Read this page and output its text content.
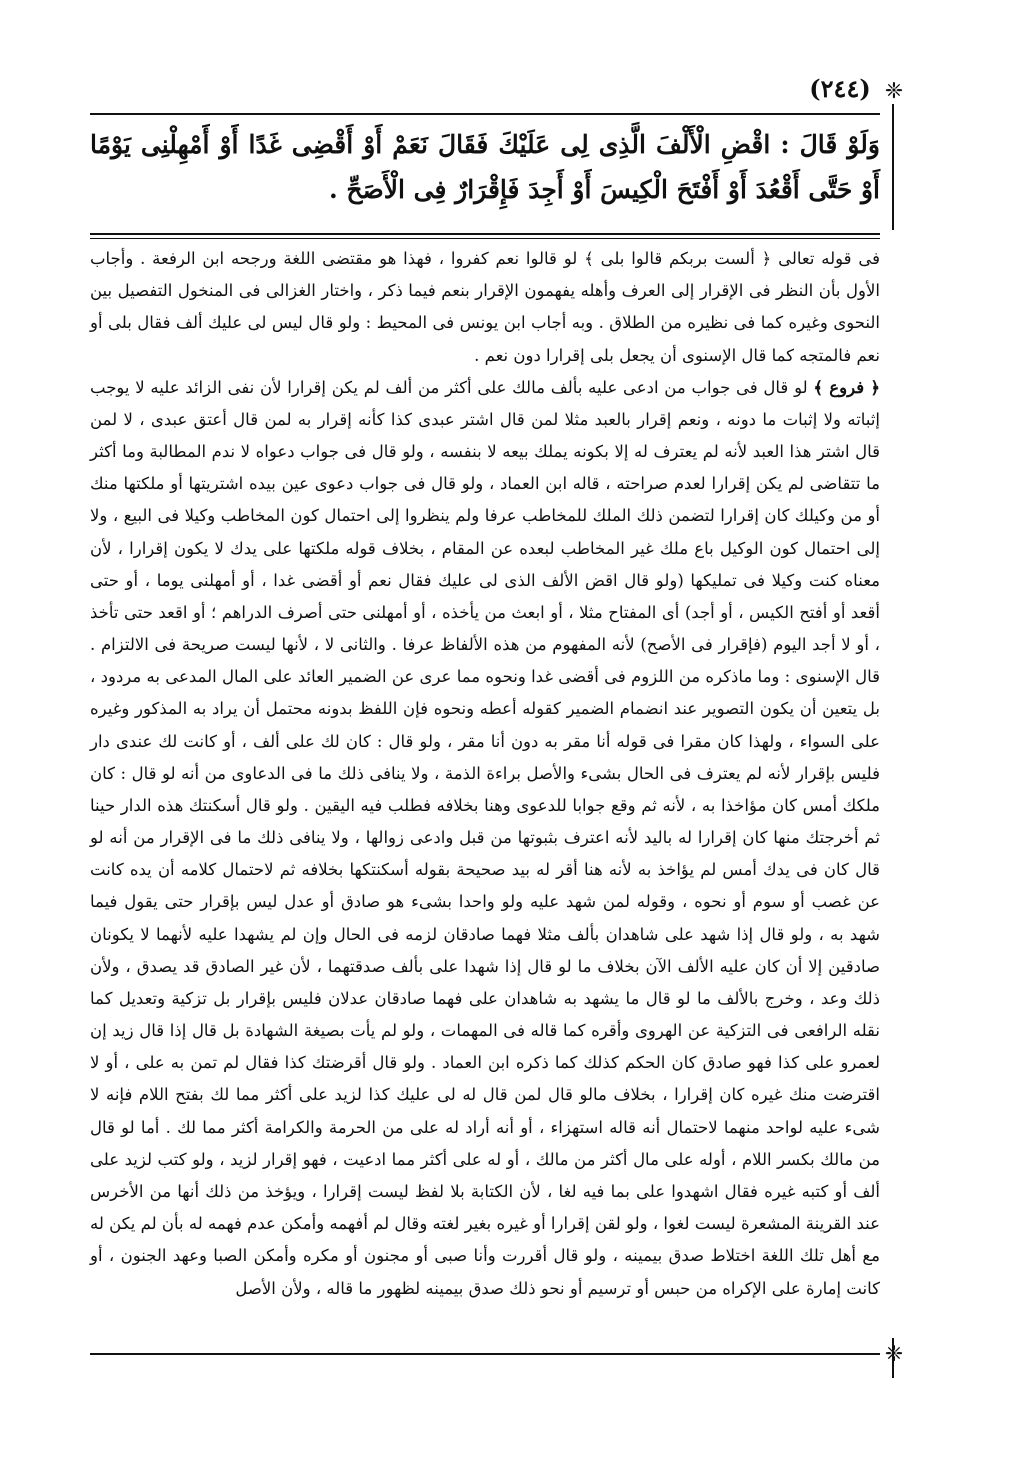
(٢٤٤) ❈
وَلَوْ قَالَ : اقْضِ الْأَلْفَ الَّذِى لِى عَلَيْكَ فَقَالَ نَعَمْ أَوْ أَقْضِى غَدًا أَوْ أَمْهِلْنِى يَوْمًا أَوْ حَتَّى أَقْعُدَ أَوْ أَفْتَحَ الْكِيسَ أَوْ أَجِدَ فَإِقْرَارٌ فِى الْأَصَحِّ .

فى قوله تعالى ﴿ ألست بربكم قالوا بلى ﴾ لو قالوا نعم كفروا ، فهذا هو مقتضى اللغة ورجحه ابن الرفعة . وأجاب الأول بأن النظر فى الإقرار إلى العرف وأهله يفهمون الإقرار بنعم فيما ذكر ، واختار الغزالى فى المنخول التفصيل بين النحوى وغيره كما فى نظيره من الطلاق . وبه أجاب ابن يونس فى المحيط : ولو قال ليس لى عليك ألف فقال بلى أو نعم فالمتجه كما قال الإسنوى أن يجعل بلى إقرارا دون نعم .

﴿ فروع ﴾ لو قال فى جواب من ادعى عليه بألف مالك على أكثر من ألف لم يكن إقرارا لأن نفى الزائد عليه لا يوجب إثباته ولا إثبات ما دونه ، ونعم إقرار بالعبد مثلا لمن قال اشتر عبدى كذا كأنه إقرار به لمن قال أعتق عبدى ، لا لمن قال اشتر هذا العبد لأنه لم يعترف له إلا بكونه يملك بيعه لا بنفسه ، ولو قال فى جواب دعواه لا ندم المطالبة وما أكثر ما تتقاضى لم يكن إقرارا لعدم صراحته ، قاله ابن العماد ، ولو قال فى جواب دعوى عين بيده اشتريتها أو ملكتها منك أو من وكيلك كان إقرارا لتضمن ذلك الملك للمخاطب عرفا ولم ينظروا إلى احتمال كون المخاطب وكيلا فى البيع ، ولا إلى احتمال كون الوكيل باع ملك غير المخاطب لبعده عن المقام ، بخلاف قوله ملكتها على يدك لا يكون إقرارا ، لأن معناه كنت وكيلا فى تمليكها (ولو قال اقض الألف الذى لى عليك فقال نعم أو أقضى غدا ، أو أمهلنى يوما ، أو حتى أقعد أو أفتح الكيس ، أو أجد) أى المفتاح مثلا ، أو ابعث من يأخذه ، أو أمهلنى حتى أصرف الدراهم ؛ أو اقعد حتى تأخذ ، أو لا أجد اليوم (فإقرار فى الأصح) لأنه المفهوم من هذه الألفاظ عرفا . والثانى لا ، لأنها ليست صريحة فى الالتزام . قال الإسنوى : وما ماذكره من اللزوم فى أقضى غدا ونحوه مما عرى عن الضمير العائد على المال المدعى به مردود ، بل يتعين أن يكون التصوير عند انضمام الضمير كقوله أعطه ونحوه فإن اللفظ بدونه محتمل أن يراد به المذكور وغيره على السواء ، ولهذا كان مقرا فى قوله أنا مقر به دون أنا مقر ، ولو قال : كان لك على ألف ، أو كانت لك عندى دار فليس بإقرار لأنه لم يعترف فى الحال بشىء والأصل براءة الذمة ، ولا ينافى ذلك ما فى الدعاوى من أنه لو قال : كان ملكك أمس كان مؤاخذا به ، لأنه ثم وقع جوابا للدعوى وهنا بخلافه فطلب فيه اليقين . ولو قال أسكنتك هذه الدار حينا ثم أخرجتك منها كان إقرارا له باليد لأنه اعترف بثبوتها من قبل وادعى زوالها ، ولا ينافى ذلك ما فى الإقرار من أنه لو قال كان فى يدك أمس لم يؤاخذ به لأنه هنا أقر له بيد صحيحة بقوله أسكنتكها بخلافه ثم لاحتمال كلامه أن يده كانت عن غصب أو سوم أو نحوه ، وقوله لمن شهد عليه ولو واحدا بشىء هو صادق أو عدل ليس بإقرار حتى يقول فيما شهد به ، ولو قال إذا شهد على شاهدان بألف مثلا فهما صادقان لزمه فى الحال وإن لم يشهدا عليه لأنهما لا يكونان صادقين إلا أن كان عليه الألف الآن بخلاف ما لو قال إذا شهدا على بألف صدقتهما ، لأن غير الصادق قد يصدق ، ولأن ذلك وعد ، وخرج بالألف ما لو قال ما يشهد به شاهدان على فهما صادقان عدلان فليس بإقرار بل تزكية وتعديل كما نقله الرافعى فى التزكية عن الهروى وأقره كما قاله فى المهمات ، ولو لم يأت بصيغة الشهادة بل قال إذا قال زيد إن لعمرو على كذا فهو صادق كان الحكم كذلك كما ذكره ابن العماد . ولو قال أقرضتك كذا فقال لم تمن به على ، أو لا اقترضت منك غيره كان إقرارا ، بخلاف مالو قال لمن قال له لى عليك كذا لزيد على أكثر مما لك بفتح اللام فإنه لا شىء عليه لواحد منهما لاحتمال أنه قاله استهزاء ، أو أنه أراد له على من الحرمة والكرامة أكثر مما لك . أما لو قال من مالك بكسر اللام ، أوله على مال أكثر من مالك ، أو له على أكثر مما ادعيت ، فهو إقرار لزيد ، ولو كتب لزيد على ألف أو كتبه غيره فقال اشهدوا على بما فيه لغا ، لأن الكتابة بلا لفظ ليست إقرارا ، ويؤخذ من ذلك أنها من الأخرس عند القرينة المشعرة ليست لغوا ، ولو لقن إقرارا أو غيره بغير لغته وقال لم أفهمه وأمكن عدم فهمه له بأن لم يكن له مع أهل تلك اللغة اختلاط صدق بيمينه ، ولو قال أقررت وأنا صبى أو مجنون أو مكره وأمكن الصبا وعهد الجنون ، أو كانت إمارة على الإكراه من حبس أو ترسيم أو نحو ذلك صدق بيمينه لظهور ما قاله ، ولأن الأصل

❈
